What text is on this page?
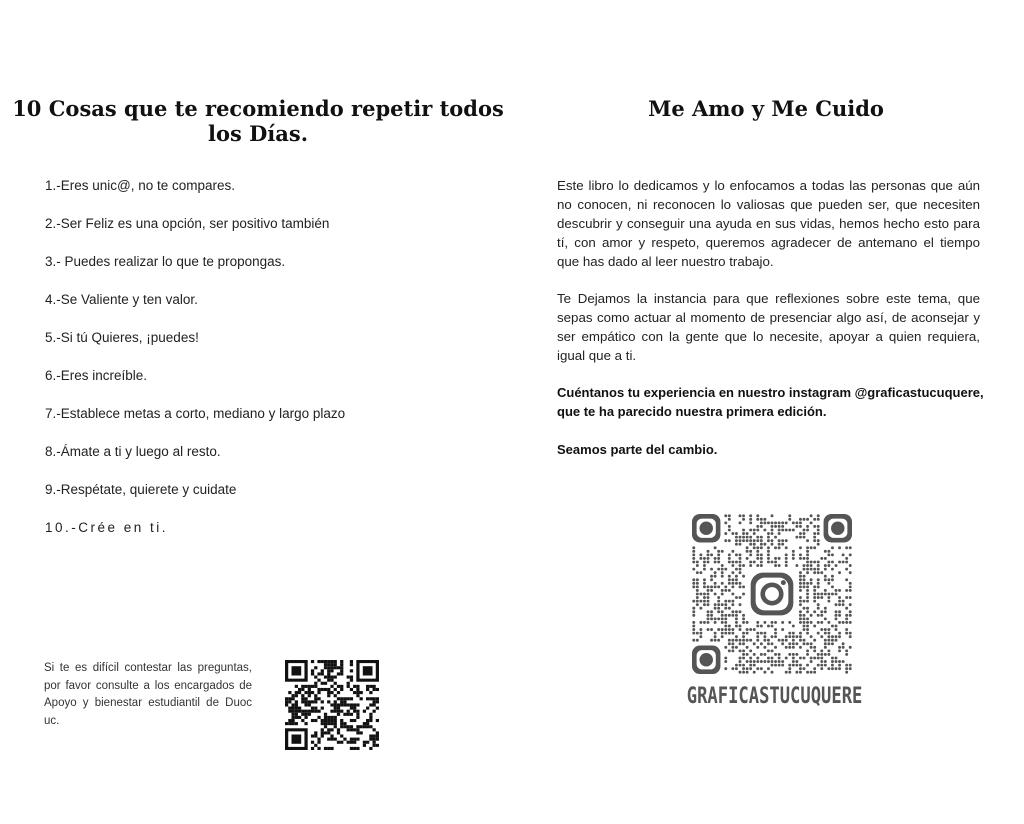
10 Cosas que te recomiendo repetir todos los Días.
1.-Eres unic@, no te compares.
2.-Ser Feliz es una opción, ser positivo también
3.- Puedes realizar lo que te propongas.
4.-Se Valiente y ten valor.
5.-Si tú Quieres, ¡puedes!
6.-Eres increíble.
7.-Establece metas a corto, mediano y largo plazo
8.-Ámate a ti y luego al resto.
9.-Respétate, quierete y cuidate
10.-Crée en ti.

Si te es difícil contestar las preguntas, por favor consulte a los encargados de Apoyo y bienestar estudiantil de Duoc uc.

Me Amo y Me Cuido

Este libro lo dedicamos y lo enfocamos a todas las personas que aún no conocen, ni reconocen lo valiosas que pueden ser, que necesiten descubrir y conseguir una ayuda en sus vidas, hemos hecho esto para tí, con amor y respeto, queremos agradecer de antemano el tiempo que has dado al leer nuestro trabajo.

Te Dejamos la instancia para que reflexiones sobre este tema, que sepas como actuar al momento de presenciar algo así, de aconsejar y ser empático con la gente que lo necesite, apoyar a quien requiera, igual que a ti.

Cuéntanos tu experiencia en nuestro instagram @graficastucuquere, que te ha parecido nuestra primera edición.

Seamos parte del cambio.

GRAFICASTUCUQUERE
